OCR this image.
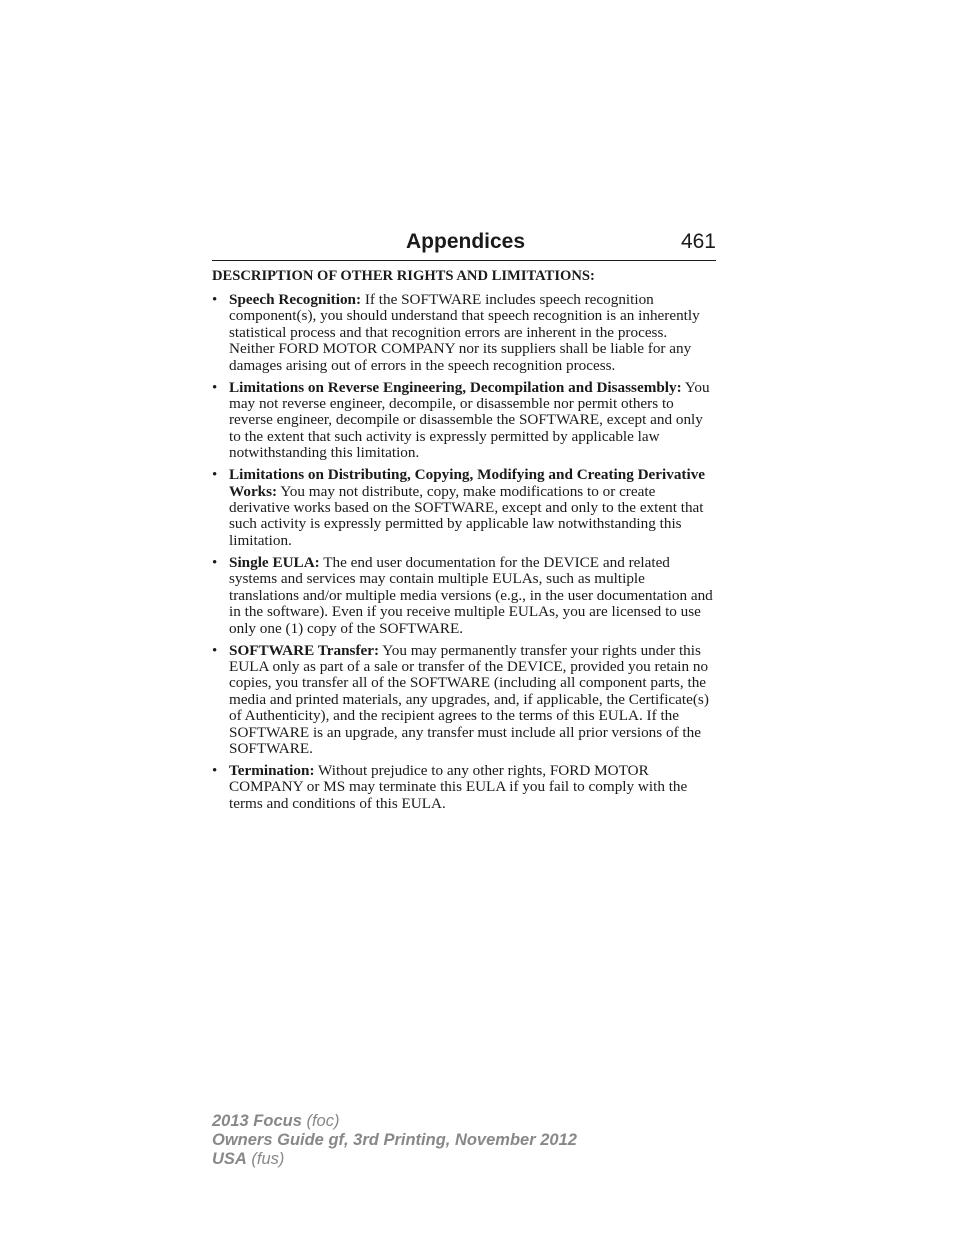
Appendices	461
DESCRIPTION OF OTHER RIGHTS AND LIMITATIONS:
• Speech Recognition: If the SOFTWARE includes speech recognition component(s), you should understand that speech recognition is an inherently statistical process and that recognition errors are inherent in the process. Neither FORD MOTOR COMPANY nor its suppliers shall be liable for any damages arising out of errors in the speech recognition process.
• Limitations on Reverse Engineering, Decompilation and Disassembly: You may not reverse engineer, decompile, or disassemble nor permit others to reverse engineer, decompile or disassemble the SOFTWARE, except and only to the extent that such activity is expressly permitted by applicable law notwithstanding this limitation.
• Limitations on Distributing, Copying, Modifying and Creating Derivative Works: You may not distribute, copy, make modifications to or create derivative works based on the SOFTWARE, except and only to the extent that such activity is expressly permitted by applicable law notwithstanding this limitation.
• Single EULA: The end user documentation for the DEVICE and related systems and services may contain multiple EULAs, such as multiple translations and/or multiple media versions (e.g., in the user documentation and in the software). Even if you receive multiple EULAs, you are licensed to use only one (1) copy of the SOFTWARE.
• SOFTWARE Transfer: You may permanently transfer your rights under this EULA only as part of a sale or transfer of the DEVICE, provided you retain no copies, you transfer all of the SOFTWARE (including all component parts, the media and printed materials, any upgrades, and, if applicable, the Certificate(s) of Authenticity), and the recipient agrees to the terms of this EULA. If the SOFTWARE is an upgrade, any transfer must include all prior versions of the SOFTWARE.
• Termination: Without prejudice to any other rights, FORD MOTOR COMPANY or MS may terminate this EULA if you fail to comply with the terms and conditions of this EULA.
2013 Focus (foc)
Owners Guide gf, 3rd Printing, November 2012
USA (fus)
